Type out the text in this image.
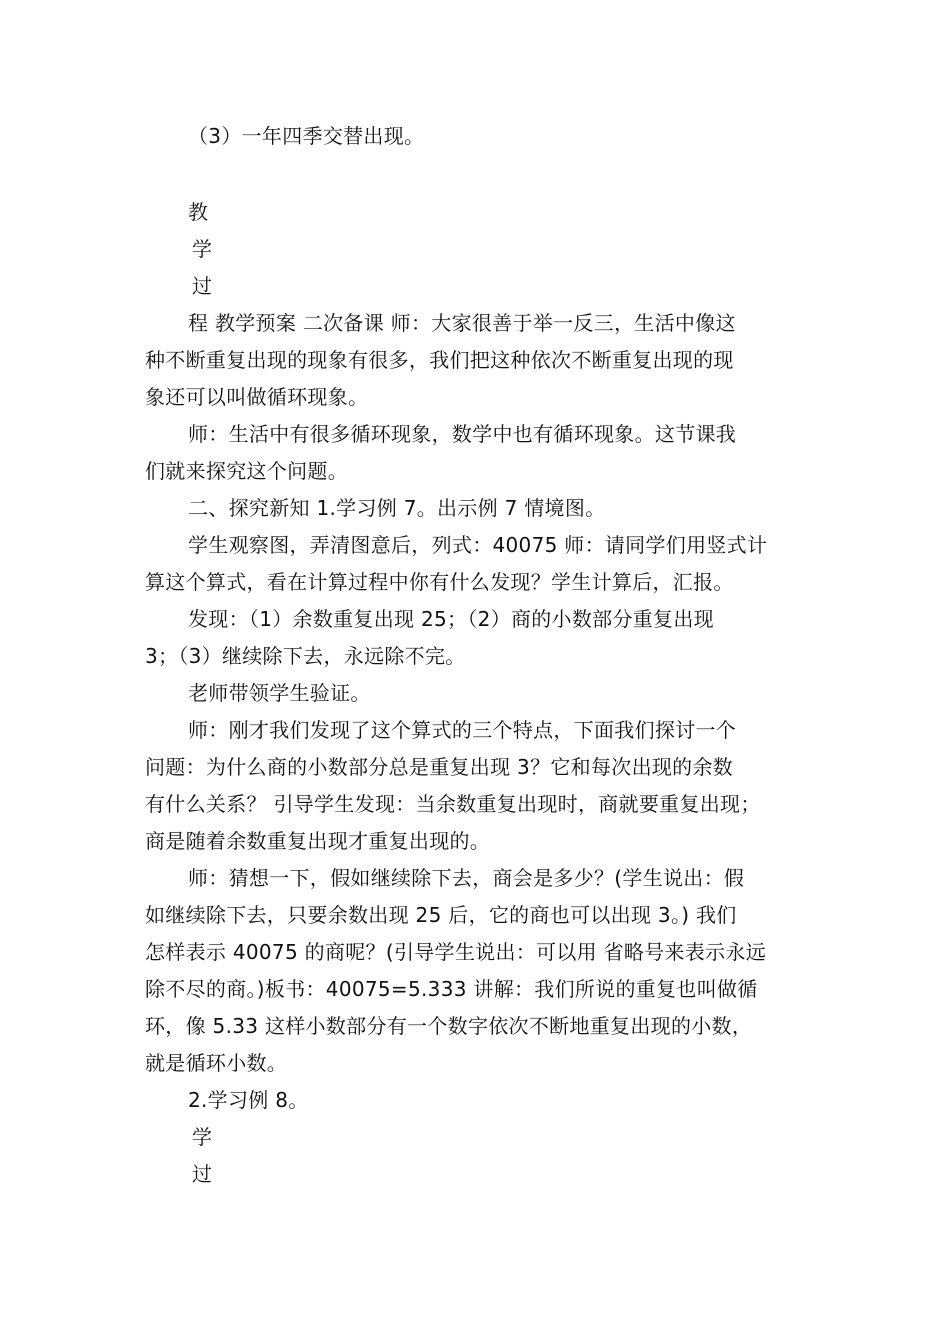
（3）一年四季交替出现。
教
学
过
程 教学预案 二次备课 师：大家很善于举一反三，生活中像这
种不断重复出现的现象有很多，我们把这种依次不断重复出现的现
象还可以叫做循环现象。
师：生活中有很多循环现象，数学中也有循环现象。这节课我
们就来探究这个问题。
二、探究新知 1.学习例 7。出示例 7 情境图。
学生观察图，弄清图意后，列式：40075 师：请同学们用竖式计
算这个算式，看在计算过程中你有什么发现？学生计算后，汇报。
发现：（1）余数重复出现 25；（2）商的小数部分重复出现
3；（3）继续除下去，永远除不完。
老师带领学生验证。
师：刚才我们发现了这个算式的三个特点，下面我们探讨一个
问题：为什么商的小数部分总是重复出现 3？它和每次出现的余数
有什么关系？ 引导学生发现：当余数重复出现时，商就要重复出现；
商是随着余数重复出现才重复出现的。
师：猜想一下，假如继续除下去，商会是多少？(学生说出：假
如继续除下去，只要余数出现 25 后，它的商也可以出现 3。) 我们
怎样表示 40075 的商呢？(引导学生说出：可以用 省略号来表示永远
除不尽的商。)板书：40075=5.333 讲解：我们所说的重复也叫做循
环，像 5.33 这样小数部分有一个数字依次不断地重复出现的小数，
就是循环小数。
2.学习例 8。
学
过
